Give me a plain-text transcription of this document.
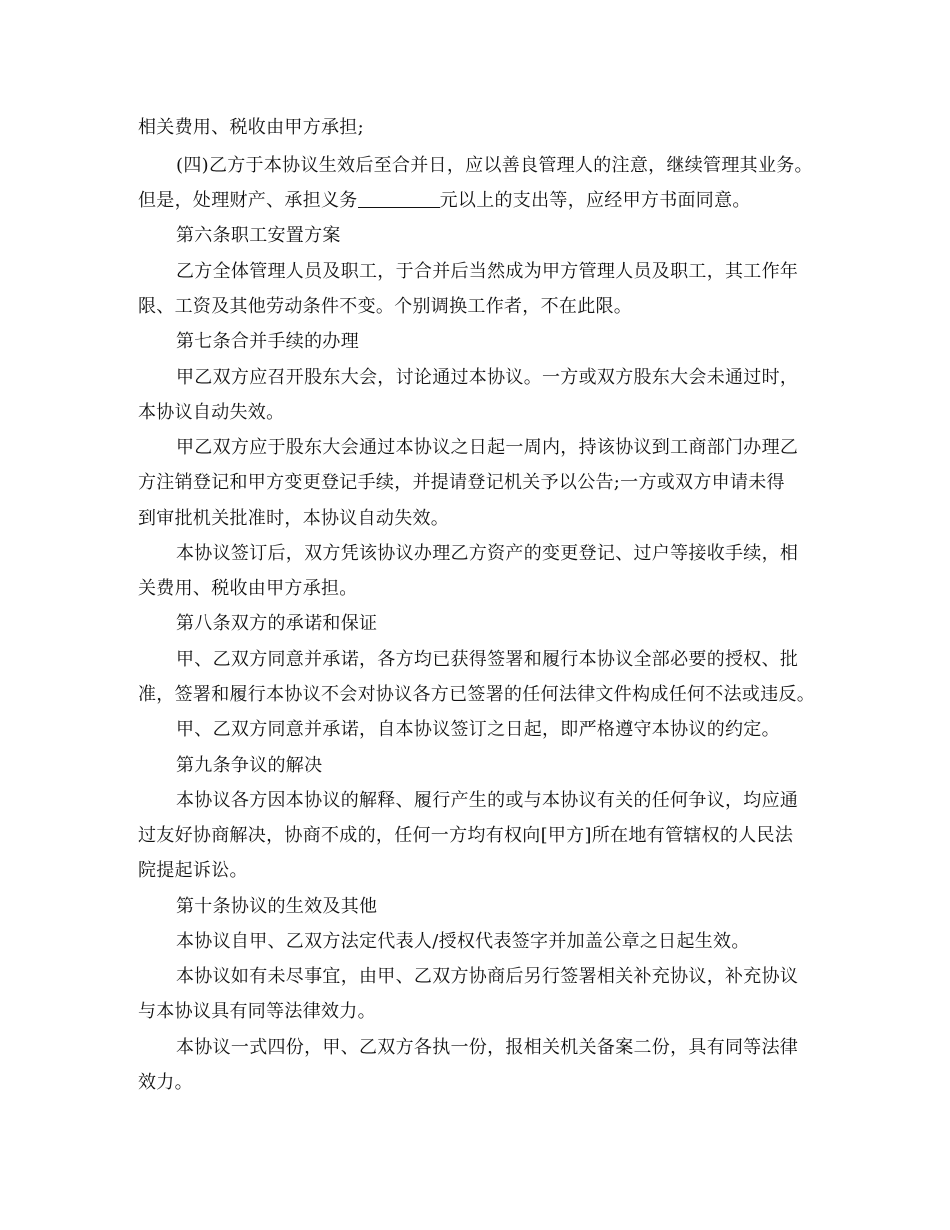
相关费用、税收由甲方承担;
(四)乙方于本协议生效后至合并日，应以善良管理人的注意，继续管理其业务。
但是，处理财产、承担义务	元以上的支出等，应经甲方书面同意。
第六条职工安置方案
乙方全体管理人员及职工，于合并后当然成为甲方管理人员及职工，其工作年
限、工资及其他劳动条件不变。个别调换工作者，不在此限。
第七条合并手续的办理
甲乙双方应召开股东大会，讨论通过本协议。一方或双方股东大会未通过时，
本协议自动失效。
甲乙双方应于股东大会通过本协议之日起一周内，持该协议到工商部门办理乙
方注销登记和甲方变更登记手续，并提请登记机关予以公告;一方或双方申请未得
到审批机关批准时，本协议自动失效。
本协议签订后，双方凭该协议办理乙方资产的变更登记、过户等接收手续，相
关费用、税收由甲方承担。
第八条双方的承诺和保证
甲、乙双方同意并承诺，各方均已获得签署和履行本协议全部必要的授权、批
准，签署和履行本协议不会对协议各方已签署的任何法律文件构成任何不法或违反。
甲、乙双方同意并承诺，自本协议签订之日起，即严格遵守本协议的约定。
第九条争议的解决
本协议各方因本协议的解释、履行产生的或与本协议有关的任何争议，均应通
过友好协商解决，协商不成的，任何一方均有权向[甲方]所在地有管辖权的人民法
院提起诉讼。
第十条协议的生效及其他
本协议自甲、乙双方法定代表人/授权代表签字并加盖公章之日起生效。
本协议如有未尽事宜，由甲、乙双方协商后另行签署相关补充协议，补充协议
与本协议具有同等法律效力。
本协议一式四份，甲、乙双方各执一份，报相关机关备案二份，具有同等法律
效力。
